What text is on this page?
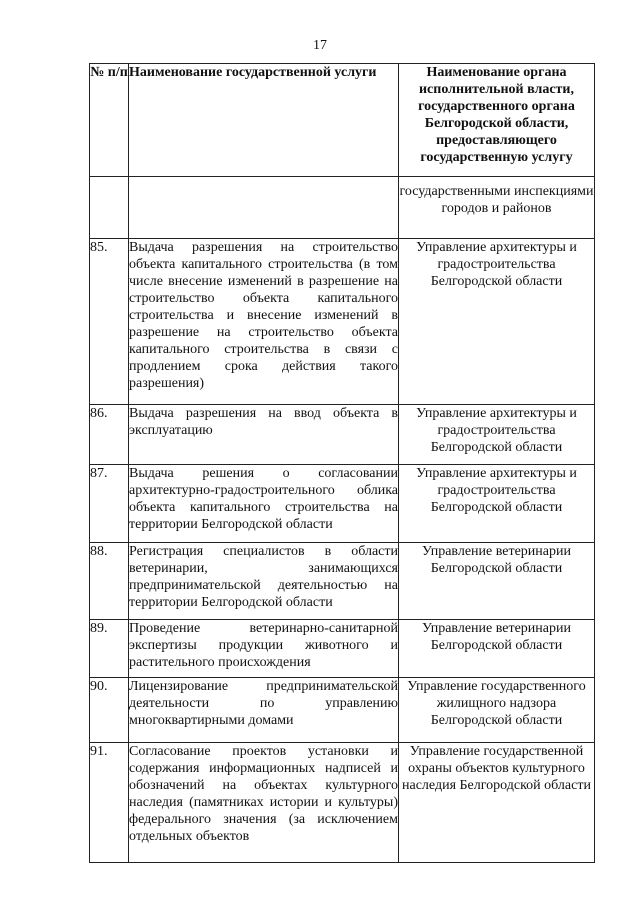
17
№ п/п	Наименование государственной услуги	Наименование органа исполнительной власти, государственного органа Белгородской области, предоставляющего государственную услугу
		государственными инспекциями городов и районов
85.	Выдача разрешения на строительство объекта капитального строительства (в том числе внесение изменений в разрешение на строительство объекта капитального строительства и внесение изменений в разрешение на строительство объекта капитального строительства в связи с продлением срока действия такого разрешения)	Управление архитектуры и градостроительства Белгородской области
86.	Выдача разрешения на ввод объекта в эксплуатацию	Управление архитектуры и градостроительства Белгородской области
87.	Выдача решения о согласовании архитектурно-градостроительного облика объекта капитального строительства на территории Белгородской области	Управление архитектуры и градостроительства Белгородской области
88.	Регистрация специалистов в области ветеринарии, занимающихся предпринимательской деятельностью на территории Белгородской области	Управление ветеринарии Белгородской области
89.	Проведение ветеринарно-санитарной экспертизы продукции животного и растительного происхождения	Управление ветеринарии Белгородской области
90.	Лицензирование предпринимательской деятельности по управлению многоквартирными домами	Управление государственного жилищного надзора Белгородской области
91.	Согласование проектов установки и содержания информационных надписей и обозначений на объектах культурного наследия (памятниках истории и культуры) федерального значения (за исключением отдельных объектов	Управление государственной охраны объектов культурного наследия Белгородской области
